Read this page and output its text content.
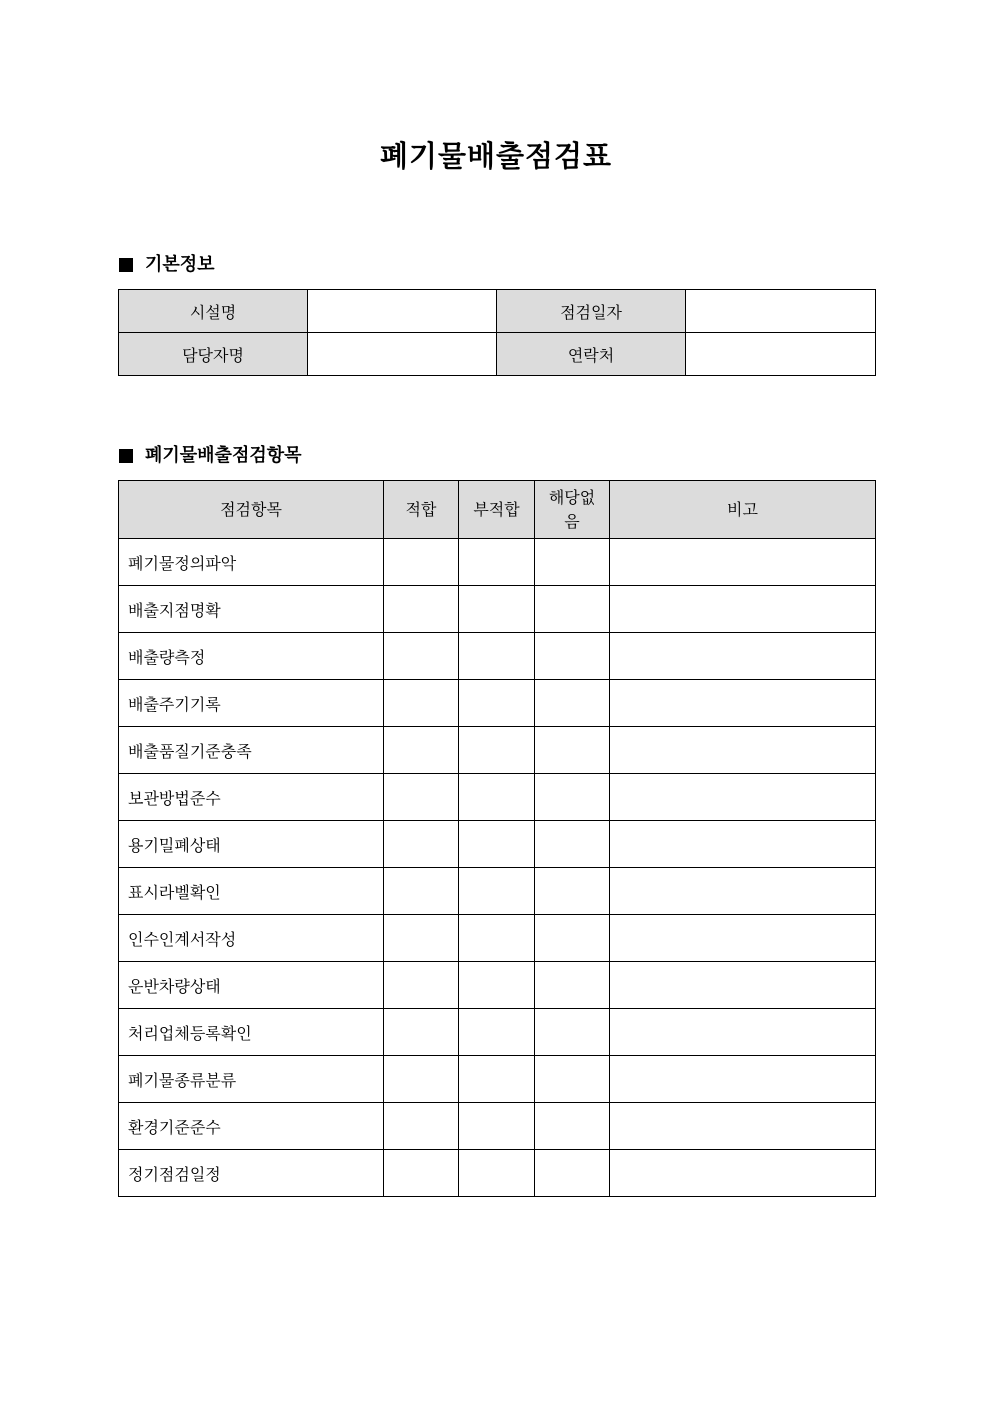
폐기물배출점검표
기본정보
시설명		점검일자	
담당자명		연락처	
폐기물배출점검항목
점검항목	적합	부적합	해당없음	비고
폐기물정의파악				
배출지점명확				
배출량측정				
배출주기기록				
배출품질기준충족				
보관방법준수				
용기밀폐상태				
표시라벨확인				
인수인계서작성				
운반차량상태				
처리업체등록확인				
폐기물종류분류				
환경기준준수				
정기점검일정				
